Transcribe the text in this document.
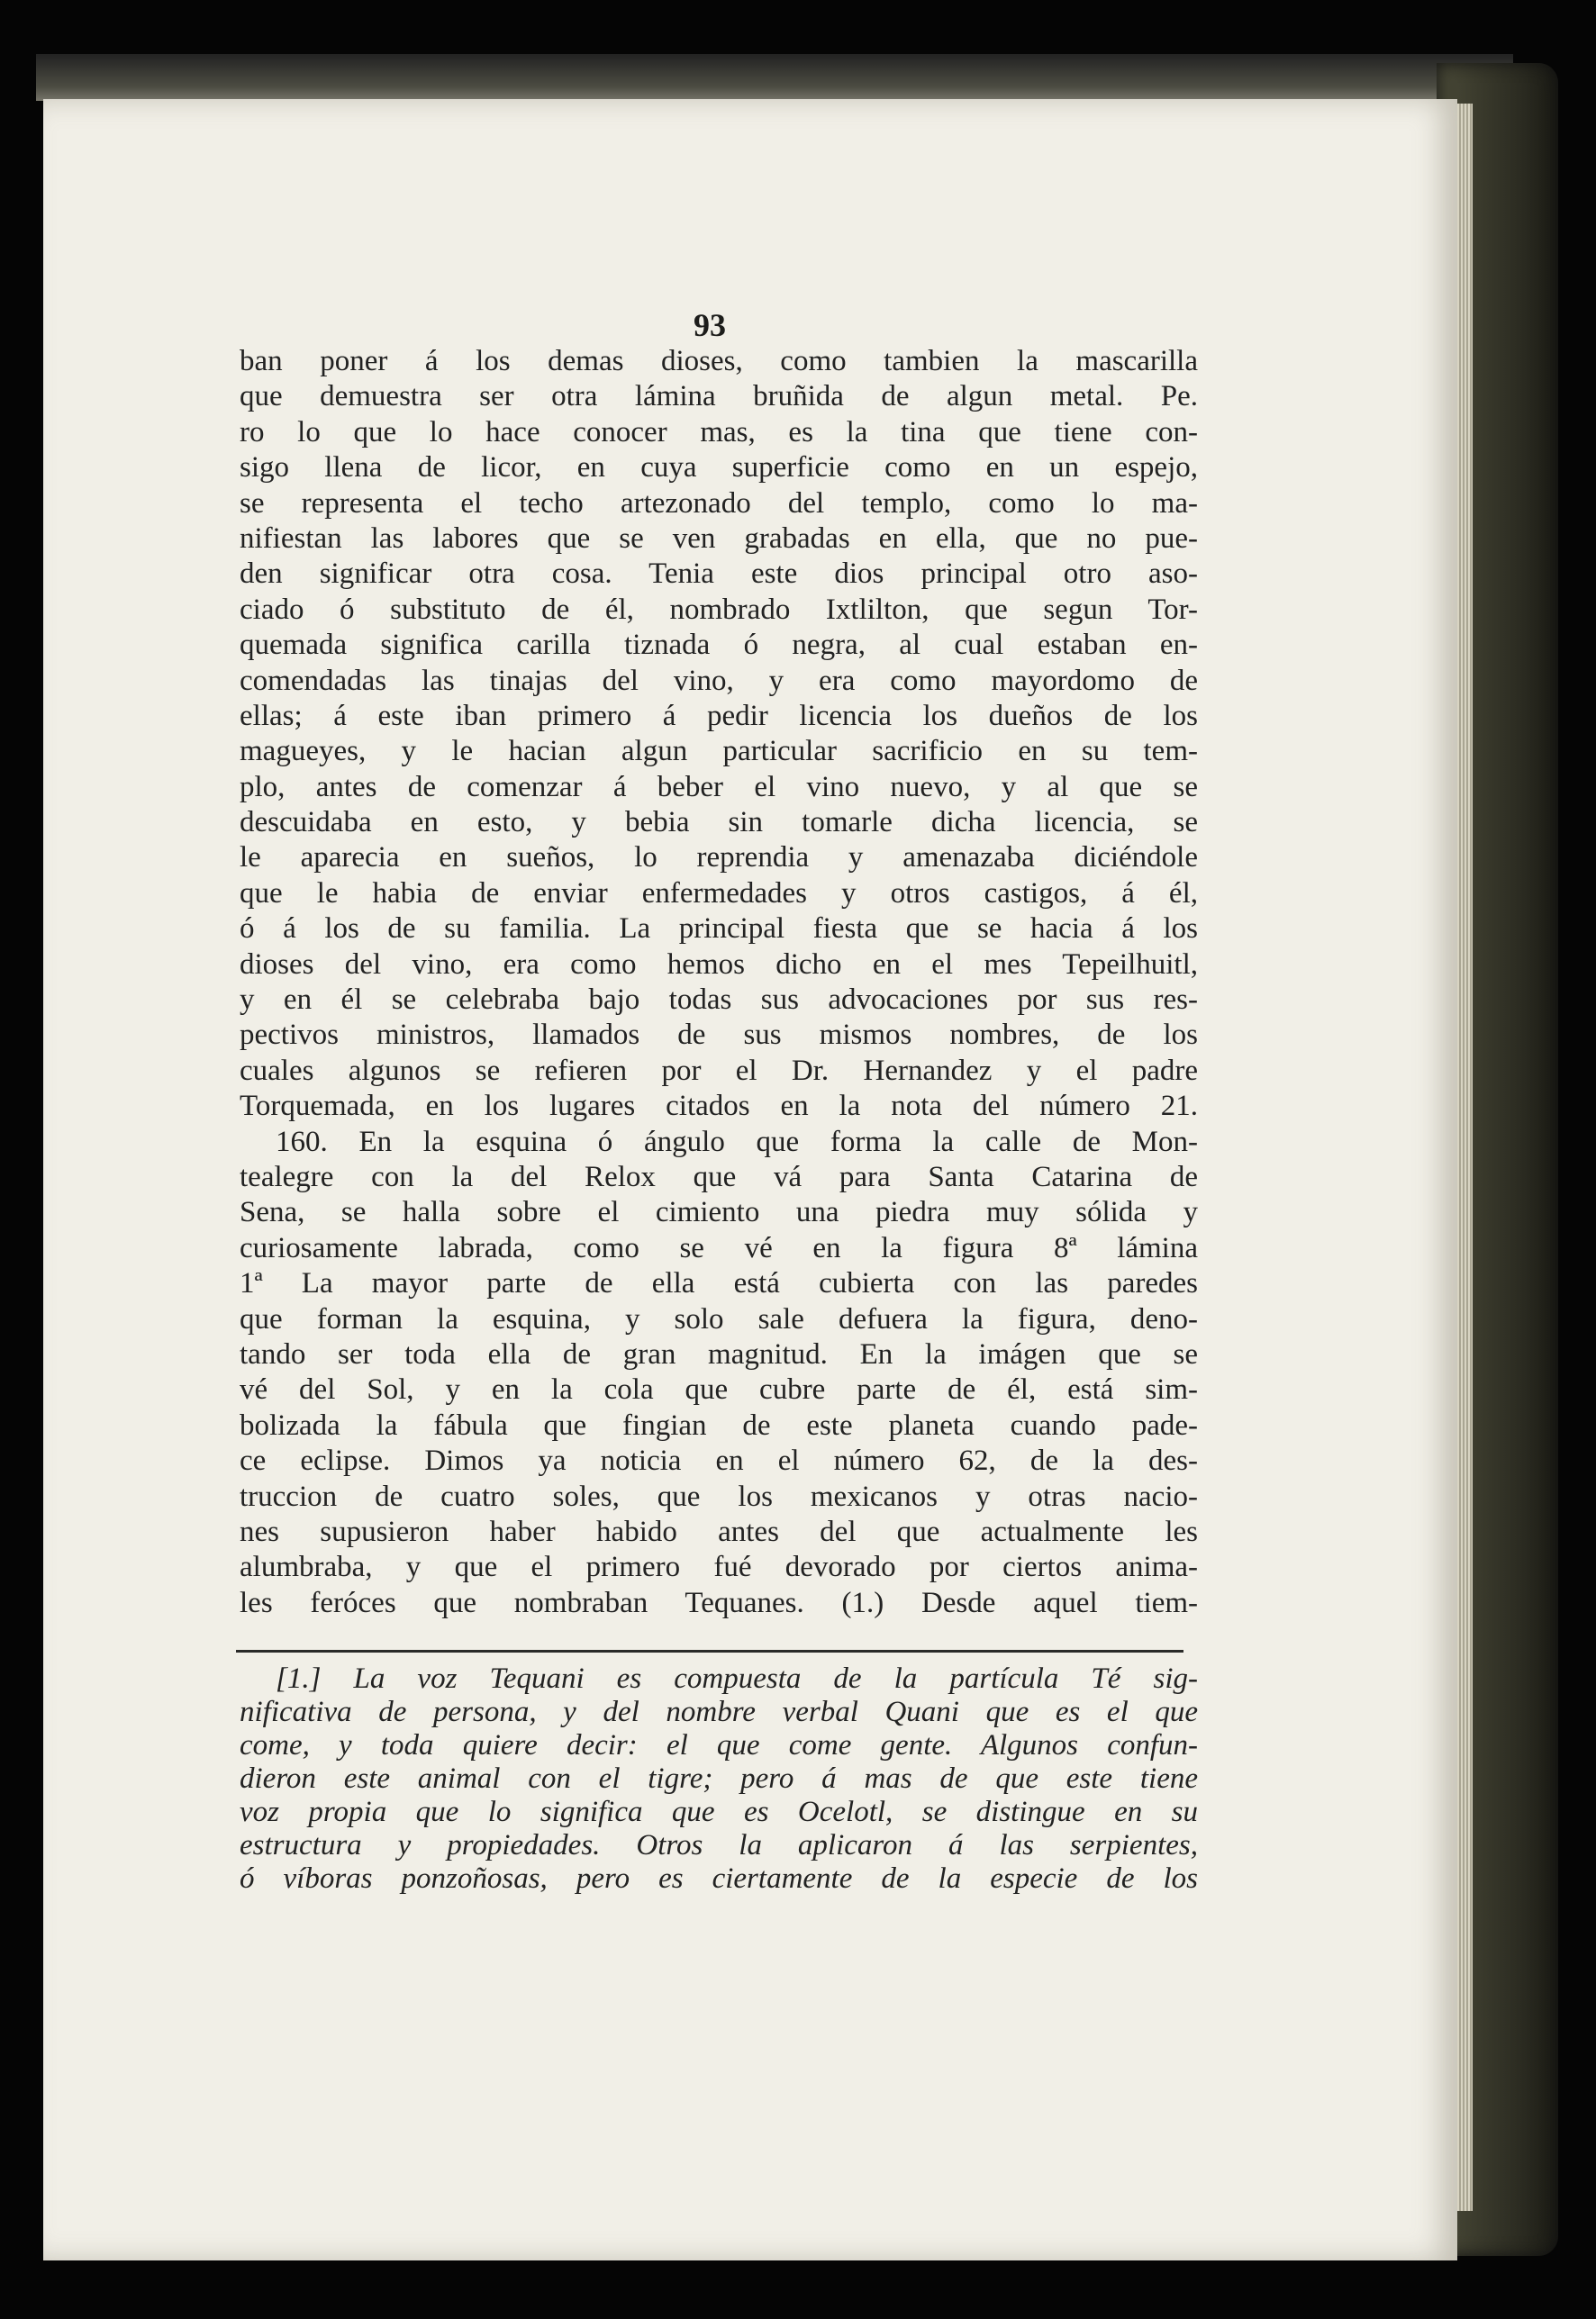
93
ban poner á los demas dioses, como tambien la mascarilla
que demuestra ser otra lámina bruñida de algun metal. Pe.
ro lo que lo hace conocer mas, es la tina que tiene con-
sigo llena de licor, en cuya superficie como en un espejo,
se representa el techo artezonado del templo, como lo ma-
nifiestan las labores que se ven grabadas en ella, que no pue-
den significar otra cosa. Tenia este dios principal otro aso-
ciado ó substituto de él, nombrado Ixtlilton, que segun Tor-
quemada significa carilla tiznada ó negra, al cual estaban en-
comendadas las tinajas del vino, y era como mayordomo de
ellas; á este iban primero á pedir licencia los dueños de los
magueyes, y le hacian algun particular sacrificio en su tem-
plo, antes de comenzar á beber el vino nuevo, y al que se
descuidaba en esto, y bebia sin tomarle dicha licencia, se
le aparecia en sueños, lo reprendia y amenazaba diciéndole
que le habia de enviar enfermedades y otros castigos, á él,
ó á los de su familia. La principal fiesta que se hacia á los
dioses del vino, era como hemos dicho en el mes Tepeilhuitl,
y en él se celebraba bajo todas sus advocaciones por sus res-
pectivos ministros, llamados de sus mismos nombres, de los
cuales algunos se refieren por el Dr. Hernandez y el padre
Torquemada, en los lugares citados en la nota del número 21.
160. En la esquina ó ángulo que forma la calle de Mon-
tealegre con la del Relox que vá para Santa Catarina de
Sena, se halla sobre el cimiento una piedra muy sólida y
curiosamente labrada, como se vé en la figura 8ª lámina
1ª La mayor parte de ella está cubierta con las paredes
que forman la esquina, y solo sale defuera la figura, deno-
tando ser toda ella de gran magnitud. En la imágen que se
vé del Sol, y en la cola que cubre parte de él, está sim-
bolizada la fábula que fingian de este planeta cuando pade-
ce eclipse. Dimos ya noticia en el número 62, de la des-
truccion de cuatro soles, que los mexicanos y otras nacio-
nes supusieron haber habido antes del que actualmente les
alumbraba, y que el primero fué devorado por ciertos anima-
les feróces que nombraban Tequanes. (1.) Desde aquel tiem-
[1.] La voz Tequani es compuesta de la partícula Té sig-
nificativa de persona, y del nombre verbal Quani que es el que
come, y toda quiere decir: el que come gente. Algunos confun-
dieron este animal con el tigre; pero á mas de que este tiene
voz propia que lo significa que es Ocelotl, se distingue en su
estructura y propiedades. Otros la aplicaron á las serpientes,
ó víboras ponzoñosas, pero es ciertamente de la especie de los
